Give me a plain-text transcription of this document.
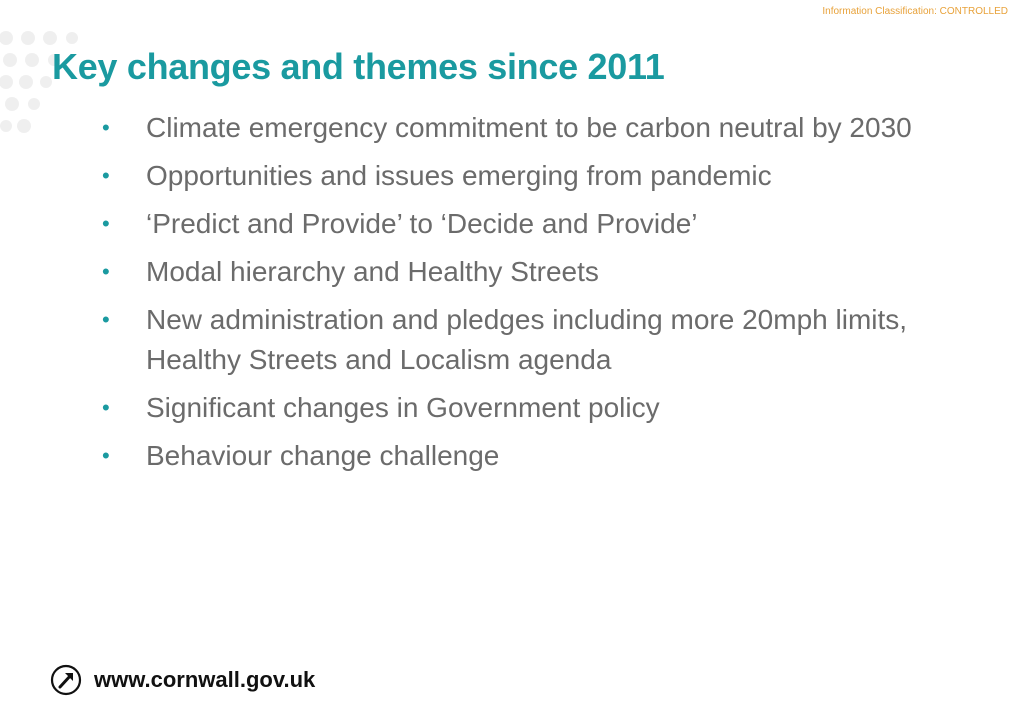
Information Classification: CONTROLLED
Key changes and themes since 2011
• Climate emergency commitment to be carbon neutral by 2030
• Opportunities and issues emerging from pandemic
• ‘Predict and Provide’ to ‘Decide and Provide’
• Modal hierarchy and Healthy Streets
• New administration and pledges including more 20mph limits, Healthy Streets and Localism agenda
• Significant changes in Government policy
• Behaviour change challenge
www.cornwall.gov.uk
